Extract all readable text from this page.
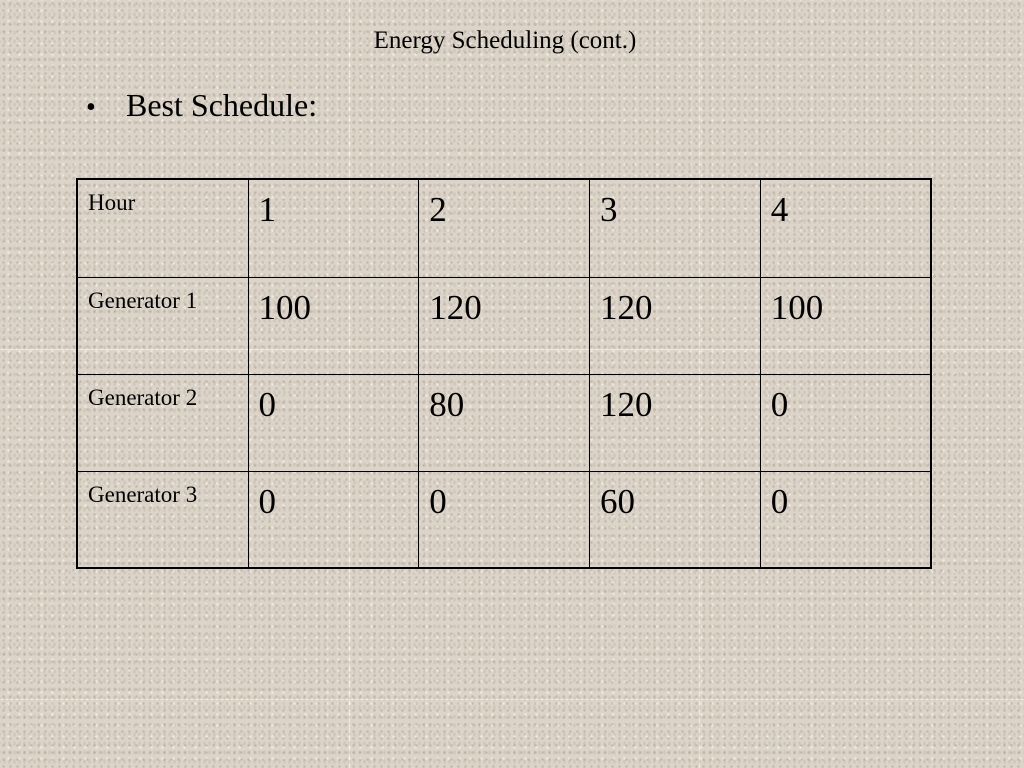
Energy Scheduling (cont.)
• Best Schedule:
Hour	1	2	3	4
Generator 1	100	120	120	100
Generator 2	0	80	120	0
Generator 3	0	0	60	0
